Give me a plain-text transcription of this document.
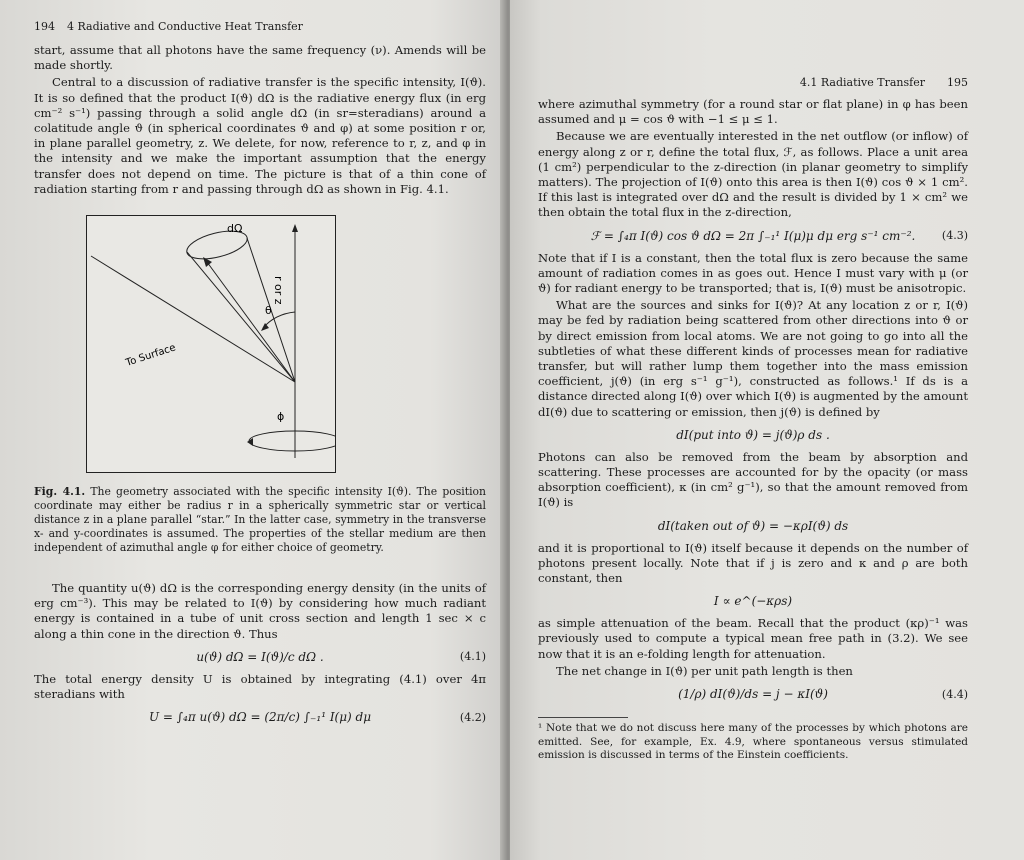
194 4 Radiative and Conductive Heat Transfer

start, assume that all photons have the same frequency (ν). Amends will be made shortly.

Central to a discussion of radiative transfer is the specific intensity, I(ϑ). It is so defined that the product I(ϑ) dΩ is the radiative energy flux (in erg cm⁻² s⁻¹) passing through a solid angle dΩ (in sr=steradians) around a colatitude angle ϑ (in spherical coordinates ϑ and φ) at some position r or, in plane parallel geometry, z. We delete, for now, reference to r, z, and φ in the intensity and we make the important assumption that the energy transfer does not depend on time. The picture is that of a thin cone of radiation starting from r and passing through dΩ as shown in Fig. 4.1.

dΩ
r or z
θ
To Surface
ϕ
Fig. 4.1. The geometry associated with the specific intensity I(ϑ). The position coordinate may either be radius r in a spherically symmetric star or vertical distance z in a plane parallel “star.” In the latter case, symmetry in the transverse x- and y-coordinates is assumed. The properties of the stellar medium are then independent of azimuthal angle φ for either choice of geometry.

The quantity u(ϑ) dΩ is the corresponding energy density (in the units of erg cm⁻³). This may be related to I(ϑ) by considering how much radiant energy is contained in a tube of unit cross section and length 1 sec × c along a thin cone in the direction ϑ. Thus

u(ϑ) dΩ = I(ϑ)/c dΩ .	(4.1)

The total energy density U is obtained by integrating (4.1) over 4π steradians with

U = ∫₄π u(ϑ) dΩ = (2π/c) ∫₋₁¹ I(μ) dμ	(4.2)
4.1 Radiative Transfer 195

where azimuthal symmetry (for a round star or flat plane) in φ has been assumed and μ = cos ϑ with −1 ≤ μ ≤ 1.

Because we are eventually interested in the net outflow (or inflow) of energy along z or r, define the total flux, ℱ, as follows. Place a unit area (1 cm²) perpendicular to the z-direction (in planar geometry to simplify matters). The projection of I(ϑ) onto this area is then I(ϑ) cos ϑ × 1 cm². If this last is integrated over dΩ and the result is divided by 1 × cm² we then obtain the total flux in the z-direction,

ℱ = ∫₄π I(ϑ) cos ϑ dΩ = 2π ∫₋₁¹ I(μ)μ dμ erg s⁻¹ cm⁻². (4.3)

Note that if I is a constant, then the total flux is zero because the same amount of radiation comes in as goes out. Hence I must vary with μ (or ϑ) for radiant energy to be transported; that is, I(ϑ) must be anisotropic.

What are the sources and sinks for I(ϑ)? At any location z or r, I(ϑ) may be fed by radiation being scattered from other directions into ϑ or by direct emission from local atoms. We are not going to go into all the subtleties of what these different kinds of processes mean for radiative transfer, but will rather lump them together into the mass emission coefficient, j(ϑ) (in erg s⁻¹ g⁻¹), constructed as follows.¹ If ds is a distance directed along I(ϑ) over which I(ϑ) is augmented by the amount dI(ϑ) due to scattering or emission, then j(ϑ) is defined by

dI(put into ϑ) = j(ϑ)ρ ds .

Photons can also be removed from the beam by absorption and scattering. These processes are accounted for by the opacity (or mass absorption coefficient), κ (in cm² g⁻¹), so that the amount removed from I(ϑ) is

dI(taken out of ϑ) = −κρI(ϑ) ds

and it is proportional to I(ϑ) itself because it depends on the number of photons present locally. Note that if j is zero and κ and ρ are both constant, then

I ∝ e^(−κρs)

as simple attenuation of the beam. Recall that the product (κρ)⁻¹ was previously used to compute a typical mean free path in (3.2). We see now that it is an e-folding length for attenuation.

The net change in I(ϑ) per unit path length is then

(1/ρ) dI(ϑ)/ds = j − κI(ϑ)	(4.4)
¹ Note that we do not discuss here many of the processes by which photons are emitted. See, for example, Ex. 4.9, where spontaneous versus stimulated emission is discussed in terms of the Einstein coefficients.
